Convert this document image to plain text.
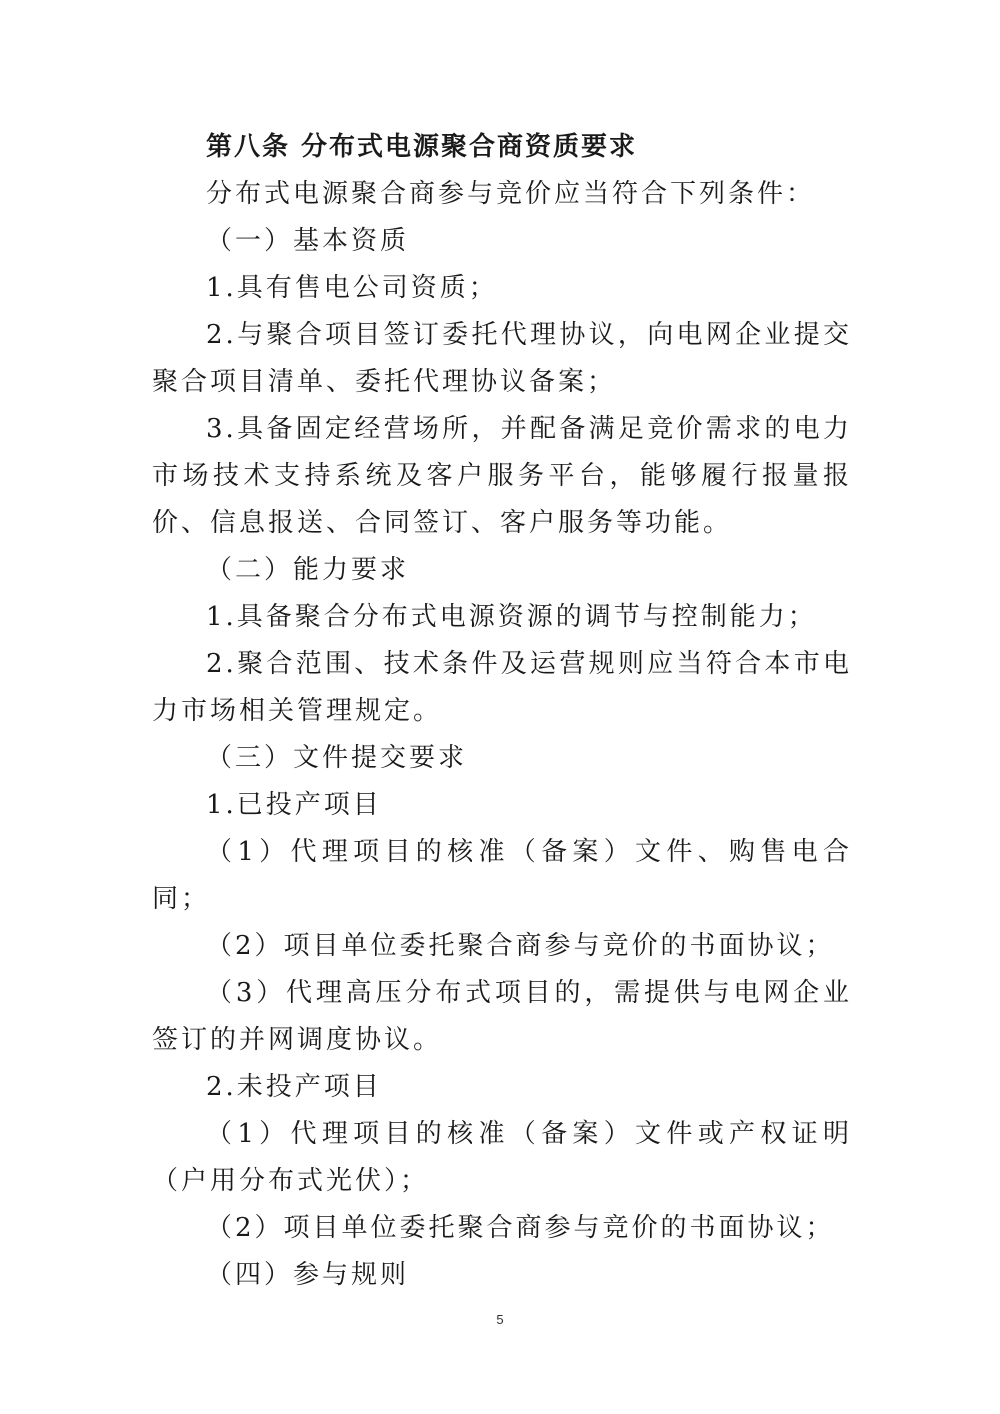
第八条 分布式电源聚合商资质要求

分布式电源聚合商参与竞价应当符合下列条件：

（一）基本资质

1.具有售电公司资质；

2.与聚合项目签订委托代理协议，向电网企业提交聚合项目清单、委托代理协议备案；

3.具备固定经营场所，并配备满足竞价需求的电力市场技术支持系统及客户服务平台，能够履行报量报价、信息报送、合同签订、客户服务等功能。

（二）能力要求

1.具备聚合分布式电源资源的调节与控制能力；

2.聚合范围、技术条件及运营规则应当符合本市电力市场相关管理规定。

（三）文件提交要求

1.已投产项目

（1）代理项目的核准（备案）文件、购售电合同；

（2）项目单位委托聚合商参与竞价的书面协议；

（3）代理高压分布式项目的，需提供与电网企业签订的并网调度协议。

2.未投产项目

（1）代理项目的核准（备案）文件或产权证明（户用分布式光伏）；

（2）项目单位委托聚合商参与竞价的书面协议；

（四）参与规则

5
